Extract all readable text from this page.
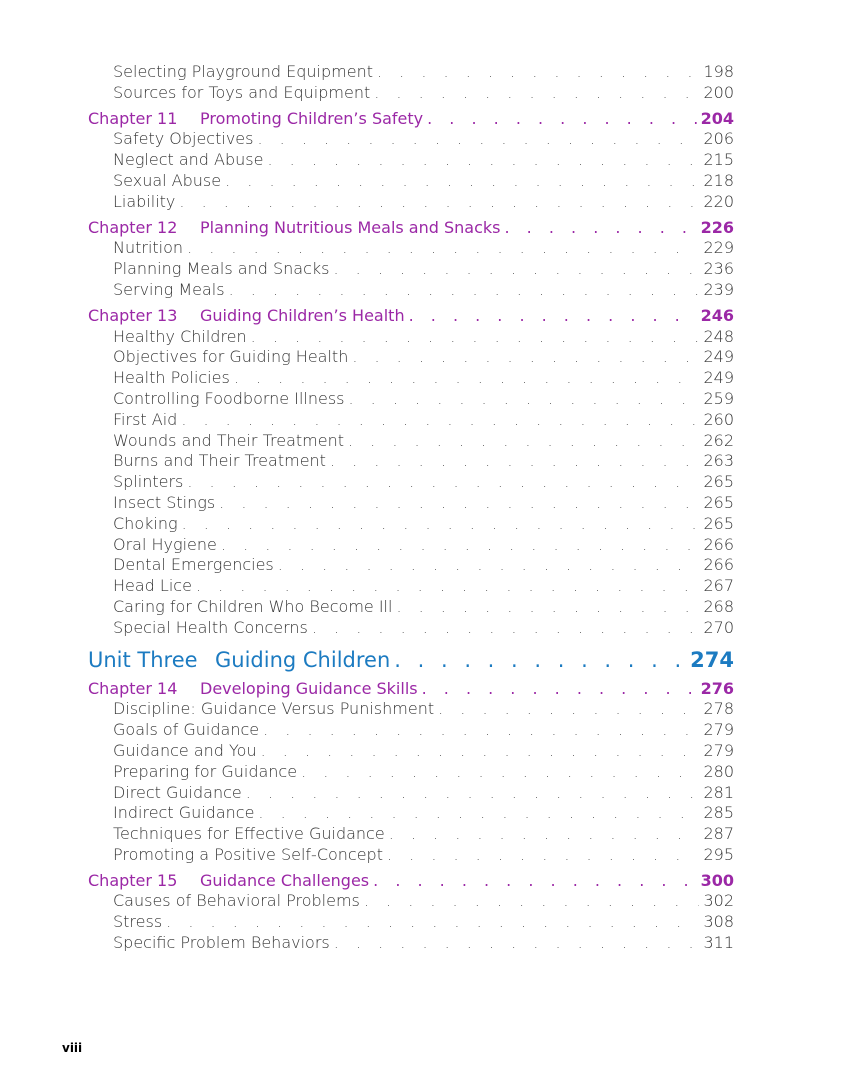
Selecting Playground Equipment . . .	198
Sources for Toys and Equipment . . .	200
Chapter 11 Promoting Children’s Safety . . .	204
Safety Objectives . . .	206
Neglect and Abuse . . .	215
Sexual Abuse . . .	218
Liability . . .	220
Chapter 12 Planning Nutritious Meals and Snacks . . .	226
Nutrition . . .	229
Planning Meals and Snacks . . .	236
Serving Meals . . .	239
Chapter 13 Guiding Children’s Health . . .	246
Healthy Children . . .	248
Objectives for Guiding Health . . .	249
Health Policies . . .	249
Controlling Foodborne Illness . . .	259
First Aid . . .	260
Wounds and Their Treatment . . .	262
Burns and Their Treatment . . .	263
Splinters . . .	265
Insect Stings . . .	265
Choking . . .	265
Oral Hygiene . . .	266
Dental Emergencies . . .	266
Head Lice . . .	267
Caring for Children Who Become Ill . . .	268
Special Health Concerns . . .	270
Unit Three Guiding Children . . .	274
Chapter 14 Developing Guidance Skills . . .	276
Discipline: Guidance Versus Punishment . . .	278
Goals of Guidance . . .	279
Guidance and You . . .	279
Preparing for Guidance . . .	280
Direct Guidance . . .	281
Indirect Guidance . . .	285
Techniques for Effective Guidance . . .	287
Promoting a Positive Self-Concept . . .	295
Chapter 15 Guidance Challenges . . .	300
Causes of Behavioral Problems . . .	302
Stress . . .	308
Specific Problem Behaviors . . .	311
viii
